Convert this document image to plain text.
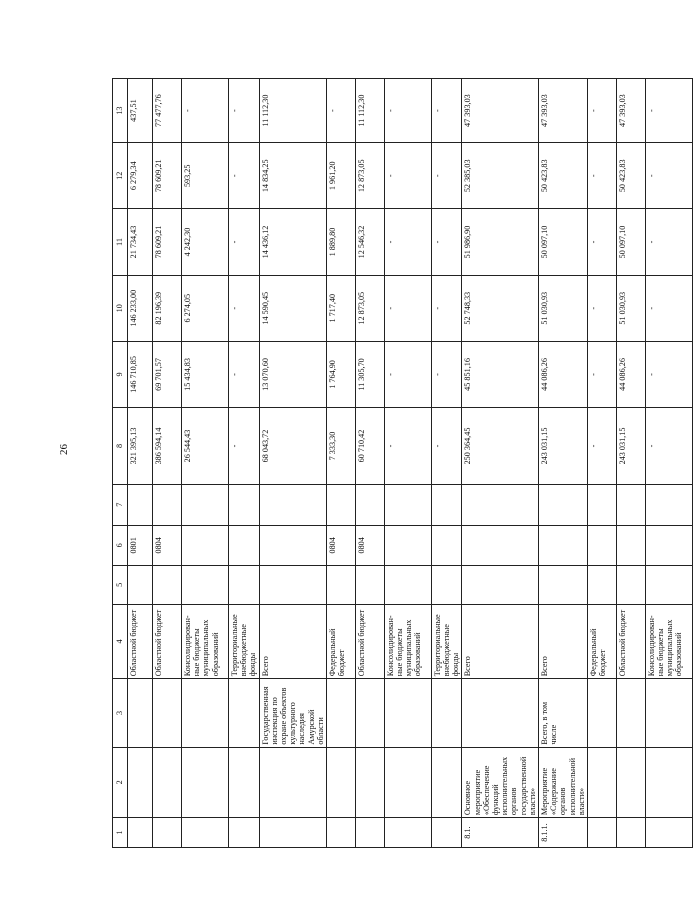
26
1	2	3	4	5	6	7	8	9	10	11	12	13
			Областной бюджет		0801		321 395,13	146 710,85	146 233,00	21 734,43	6 279,34	437,51
			Областной бюджет		0804		386 594,14	69 701,57	82 196,39	78 609,21	78 609,21	77 477,76
			Консолидирован-ные бюджеты муниципальных образований				26 544,43	15 434,83	6 274,05	4 242,30	593,25	-
			Территориальные внебюджетные фонды				-	-	-	-	-	-
		Государственная инспекция по охране объектов культурного наследия Амурской области	Всего				68 043,72	13 070,60	14 590,45	14 436,12	14 834,25	11 112,30
			Федеральный бюджет		0804		7 333,30	1 764,90	1 717,40	1 889,80	1 961,20	-
			Областной бюджет		0804		60 710,42	11 305,70	12 873,05	12 546,32	12 873,05	11 112,30
			Консолидирован-ные бюджеты муниципальных образований				-	-	-	-	-	-
			Территориальные внебюджетные фонды				-	-	-	-	-	-
8.1.	Основное мероприятие «Обеспечение функций исполнительных органов государственной власти»		Всего				250 364,45	45 851,16	52 748,33	51 986,90	52 385,03	47 393,03
8.1.1.	Мероприятие «Содержание органов исполнительной власти»	Всего, в том числе	Всего				243 031,15	44 086,26	51 030,93	50 097,10	50 423,83	47 393,03
			Федеральный бюджет				-	-	-	-	-	-
			Областной бюджет				243 031,15	44 086,26	51 030,93	50 097,10	50 423,83	47 393,03
			Консолидирован-ные бюджеты муниципальных образований				-	-	-	-	-	-
